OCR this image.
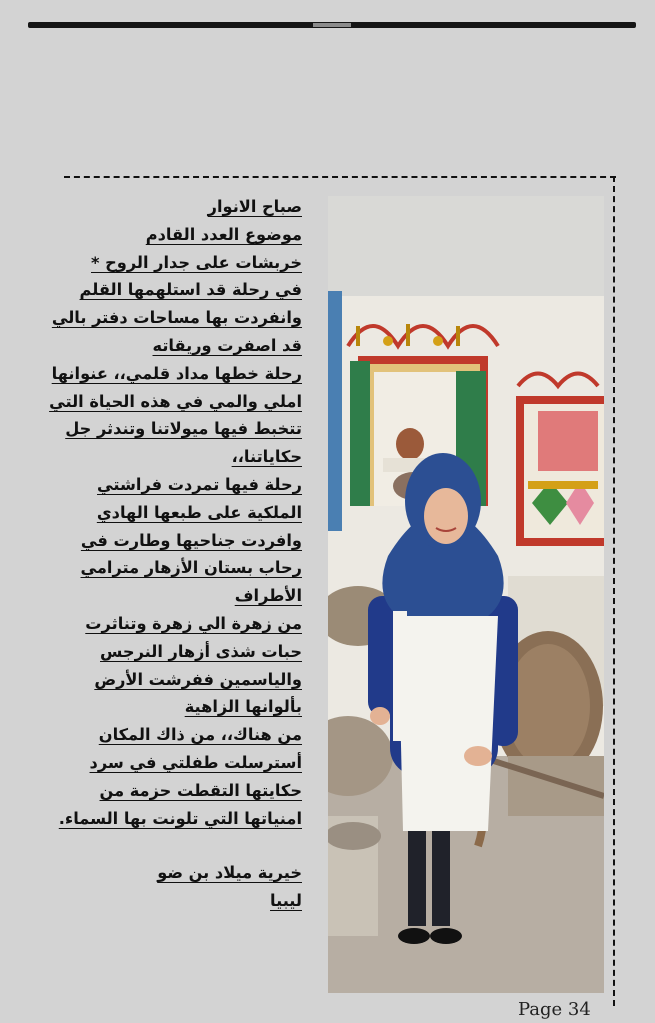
صباح الانوار
موضوع العدد القادم
خربشات على جدار الروح *
في رحلة قد استلهمها القلم
وانفردت بها مساحات دفتر بالي
قد اصفرت وريقاته
رحلة خطها مداد قلمي،، عنوانها
املي والمي في هذه الحياة التي
تتخبط فيها ميولاتنا وتندثر جل
حكاياتنا،،
رحلة فيها تمردت فراشتي
الملكية على طبعها الهادي
وافردت جناحيها وطارت في
رحاب بستان الأزهار مترامي
الأطراف
من زهرة الي زهرة وتناثرت
حبات شذى أزهار النرجس
والياسمين ففرشت الأرض
بألوانها الزاهية
من هناك،، من ذاك المكان
أسترسلت طفلتي في سرد
حكايتها التقطت حزمة من
امنياتها التي تلونت بها السماء.
خيرية ميلاد بن ضو
ليبيا
Page 34
